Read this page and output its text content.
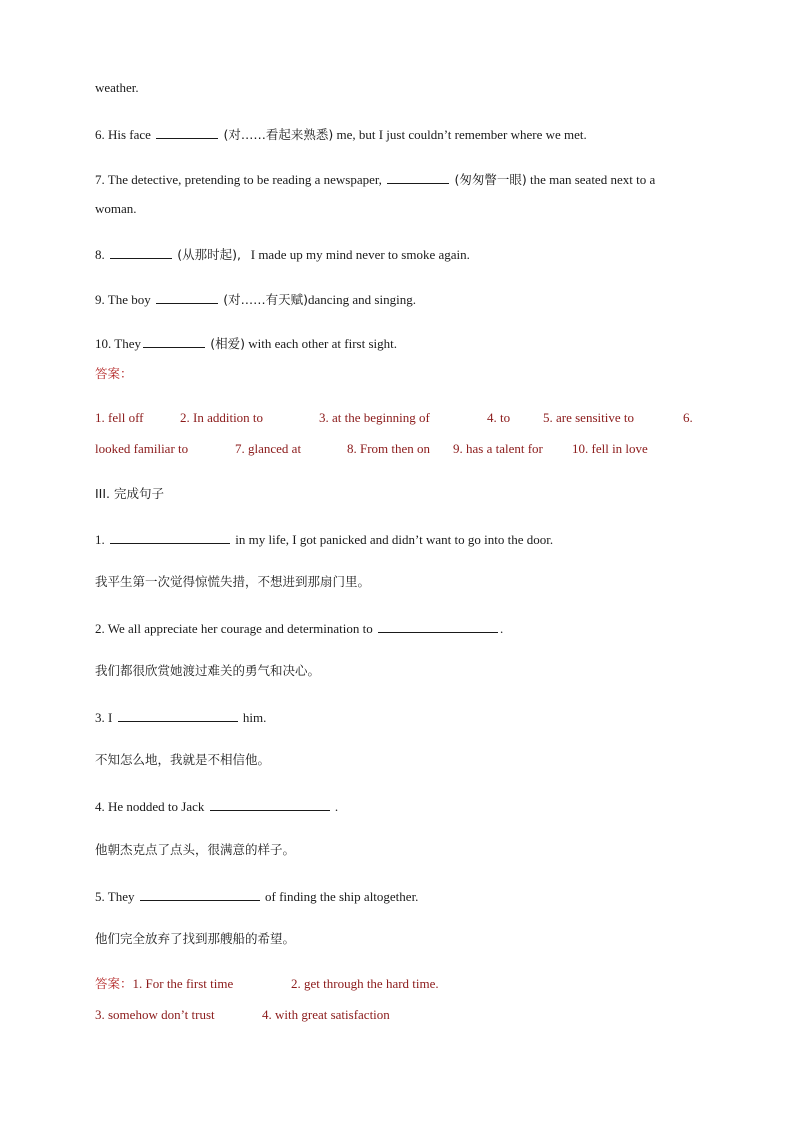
weather.
6. His face	(对……看起来熟悉) me, but I just couldn’t remember where we met.
7. The detective, pretending to be reading a newspaper,	(匆匆瞥一眼) the man seated next to a
woman.
8.	(从那时起), I made up my mind never to smoke again.
9. The boy	(对……有天赋)dancing and singing.
10. They	(相爱) with each other at first sight.
答案：
1. fell off	2. In addition to	3. at the beginning of	4. to	5. are sensitive to	6.
looked familiar to	7. glanced at	8. From then on 9. has a talent for 10. fell in love
III. 完成句子
1.	in my life, I got panicked and didn’t want to go into the door.
我平生第一次觉得惊慌失措，不想进到那扇门里。
2. We all appreciate her courage and determination to	.
我们都很欣赏她渡过难关的勇气和决心。
3. I	him.
不知怎么地，我就是不相信他。
4. He nodded to Jack	.
他朝杰克点了点头，很满意的样子。
5. They	of finding the ship altogether.
他们完全放弃了找到那艘船的希望。
答案：1. For the first time	2. get through the hard time.
3. somehow don’t trust	4. with great satisfaction
